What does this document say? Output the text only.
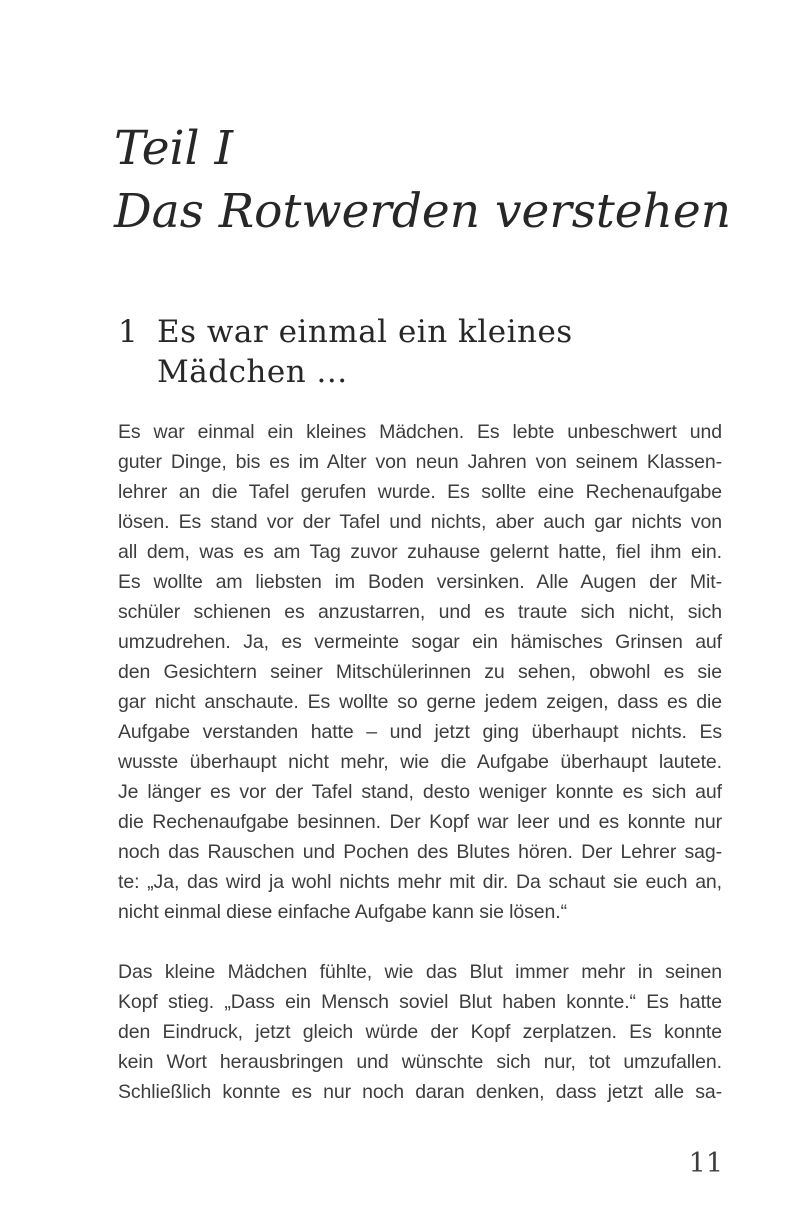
Teil I
Das Rotwerden verstehen
1 Es war einmal ein kleines
Mädchen ...
Es war einmal ein kleines Mädchen. Es lebte unbeschwert und
guter Dinge, bis es im Alter von neun Jahren von seinem Klassen-
lehrer an die Tafel gerufen wurde. Es sollte eine Rechenaufgabe
lösen. Es stand vor der Tafel und nichts, aber auch gar nichts von
all dem, was es am Tag zuvor zuhause gelernt hatte, fiel ihm ein.
Es wollte am liebsten im Boden versinken. Alle Augen der Mit-
schüler schienen es anzustarren, und es traute sich nicht, sich
umzudrehen. Ja, es vermeinte sogar ein hämisches Grinsen auf
den Gesichtern seiner Mitschülerinnen zu sehen, obwohl es sie
gar nicht anschaute. Es wollte so gerne jedem zeigen, dass es die
Aufgabe verstanden hatte – und jetzt ging überhaupt nichts. Es
wusste überhaupt nicht mehr, wie die Aufgabe überhaupt lautete.
Je länger es vor der Tafel stand, desto weniger konnte es sich auf
die Rechenaufgabe besinnen. Der Kopf war leer und es konnte nur
noch das Rauschen und Pochen des Blutes hören. Der Lehrer sag-
te: „Ja, das wird ja wohl nichts mehr mit dir. Da schaut sie euch an,
nicht einmal diese einfache Aufgabe kann sie lösen.“
Das kleine Mädchen fühlte, wie das Blut immer mehr in seinen
Kopf stieg. „Dass ein Mensch soviel Blut haben konnte.“ Es hatte
den Eindruck, jetzt gleich würde der Kopf zerplatzen. Es konnte
kein Wort herausbringen und wünschte sich nur, tot umzufallen.
Schließlich konnte es nur noch daran denken, dass jetzt alle sa-
11
